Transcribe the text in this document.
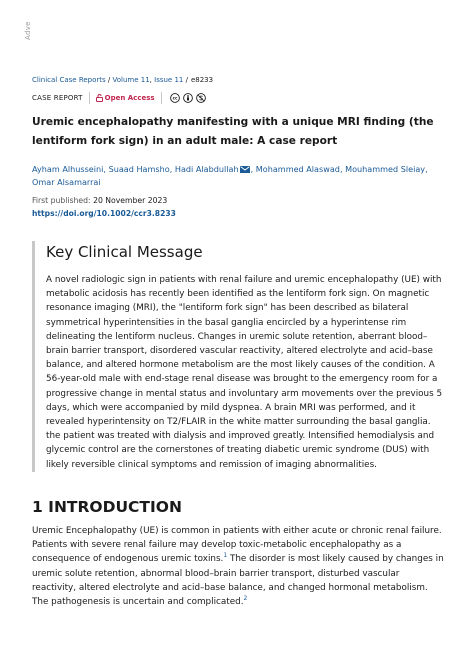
Adve
Clinical Case Reports / Volume 11, Issue 11 / e8233
CASE REPORT	Open Access	cc
Uremic encephalopathy manifesting with a unique MRI finding (the lentiform fork sign) in an adult male: A case report
Ayham Alhusseini, Suaad Hamsho, Hadi Alabdullah , Mohammed Alaswad, Mouhammed Sleiay,
Omar Alsamarrai
First published: 20 November 2023
https://doi.org/10.1002/ccr3.8233
Key Clinical Message

A novel radiologic sign in patients with renal failure and uremic encephalopathy (UE) with metabolic acidosis has recently been identified as the lentiform fork sign. On magnetic resonance imaging (MRI), the "lentiform fork sign" has been described as bilateral symmetrical hyperintensities in the basal ganglia encircled by a hyperintense rim delineating the lentiform nucleus. Changes in uremic solute retention, aberrant blood–brain barrier transport, disordered vascular reactivity, altered electrolyte and acid–base balance, and altered hormone metabolism are the most likely causes of the condition. A 56-year-old male with end-stage renal disease was brought to the emergency room for a progressive change in mental status and involuntary arm movements over the previous 5 days, which were accompanied by mild dyspnea. A brain MRI was performed, and it revealed hyperintensity on T2/FLAIR in the white matter surrounding the basal ganglia. the patient was treated with dialysis and improved greatly. Intensified hemodialysis and glycemic control are the cornerstones of treating diabetic uremic syndrome (DUS) with likely reversible clinical symptoms and remission of imaging abnormalities.

1 INTRODUCTION

Uremic Encephalopathy (UE) is common in patients with either acute or chronic renal failure. Patients with severe renal failure may develop toxic-metabolic encephalopathy as a consequence of endogenous uremic toxins.$^1$ The disorder is most likely caused by changes in uremic solute retention, abnormal blood–brain barrier transport, disturbed vascular reactivity, altered electrolyte and acid–base balance, and changed hormonal metabolism. The pathogenesis is uncertain and complicated.$^2$
